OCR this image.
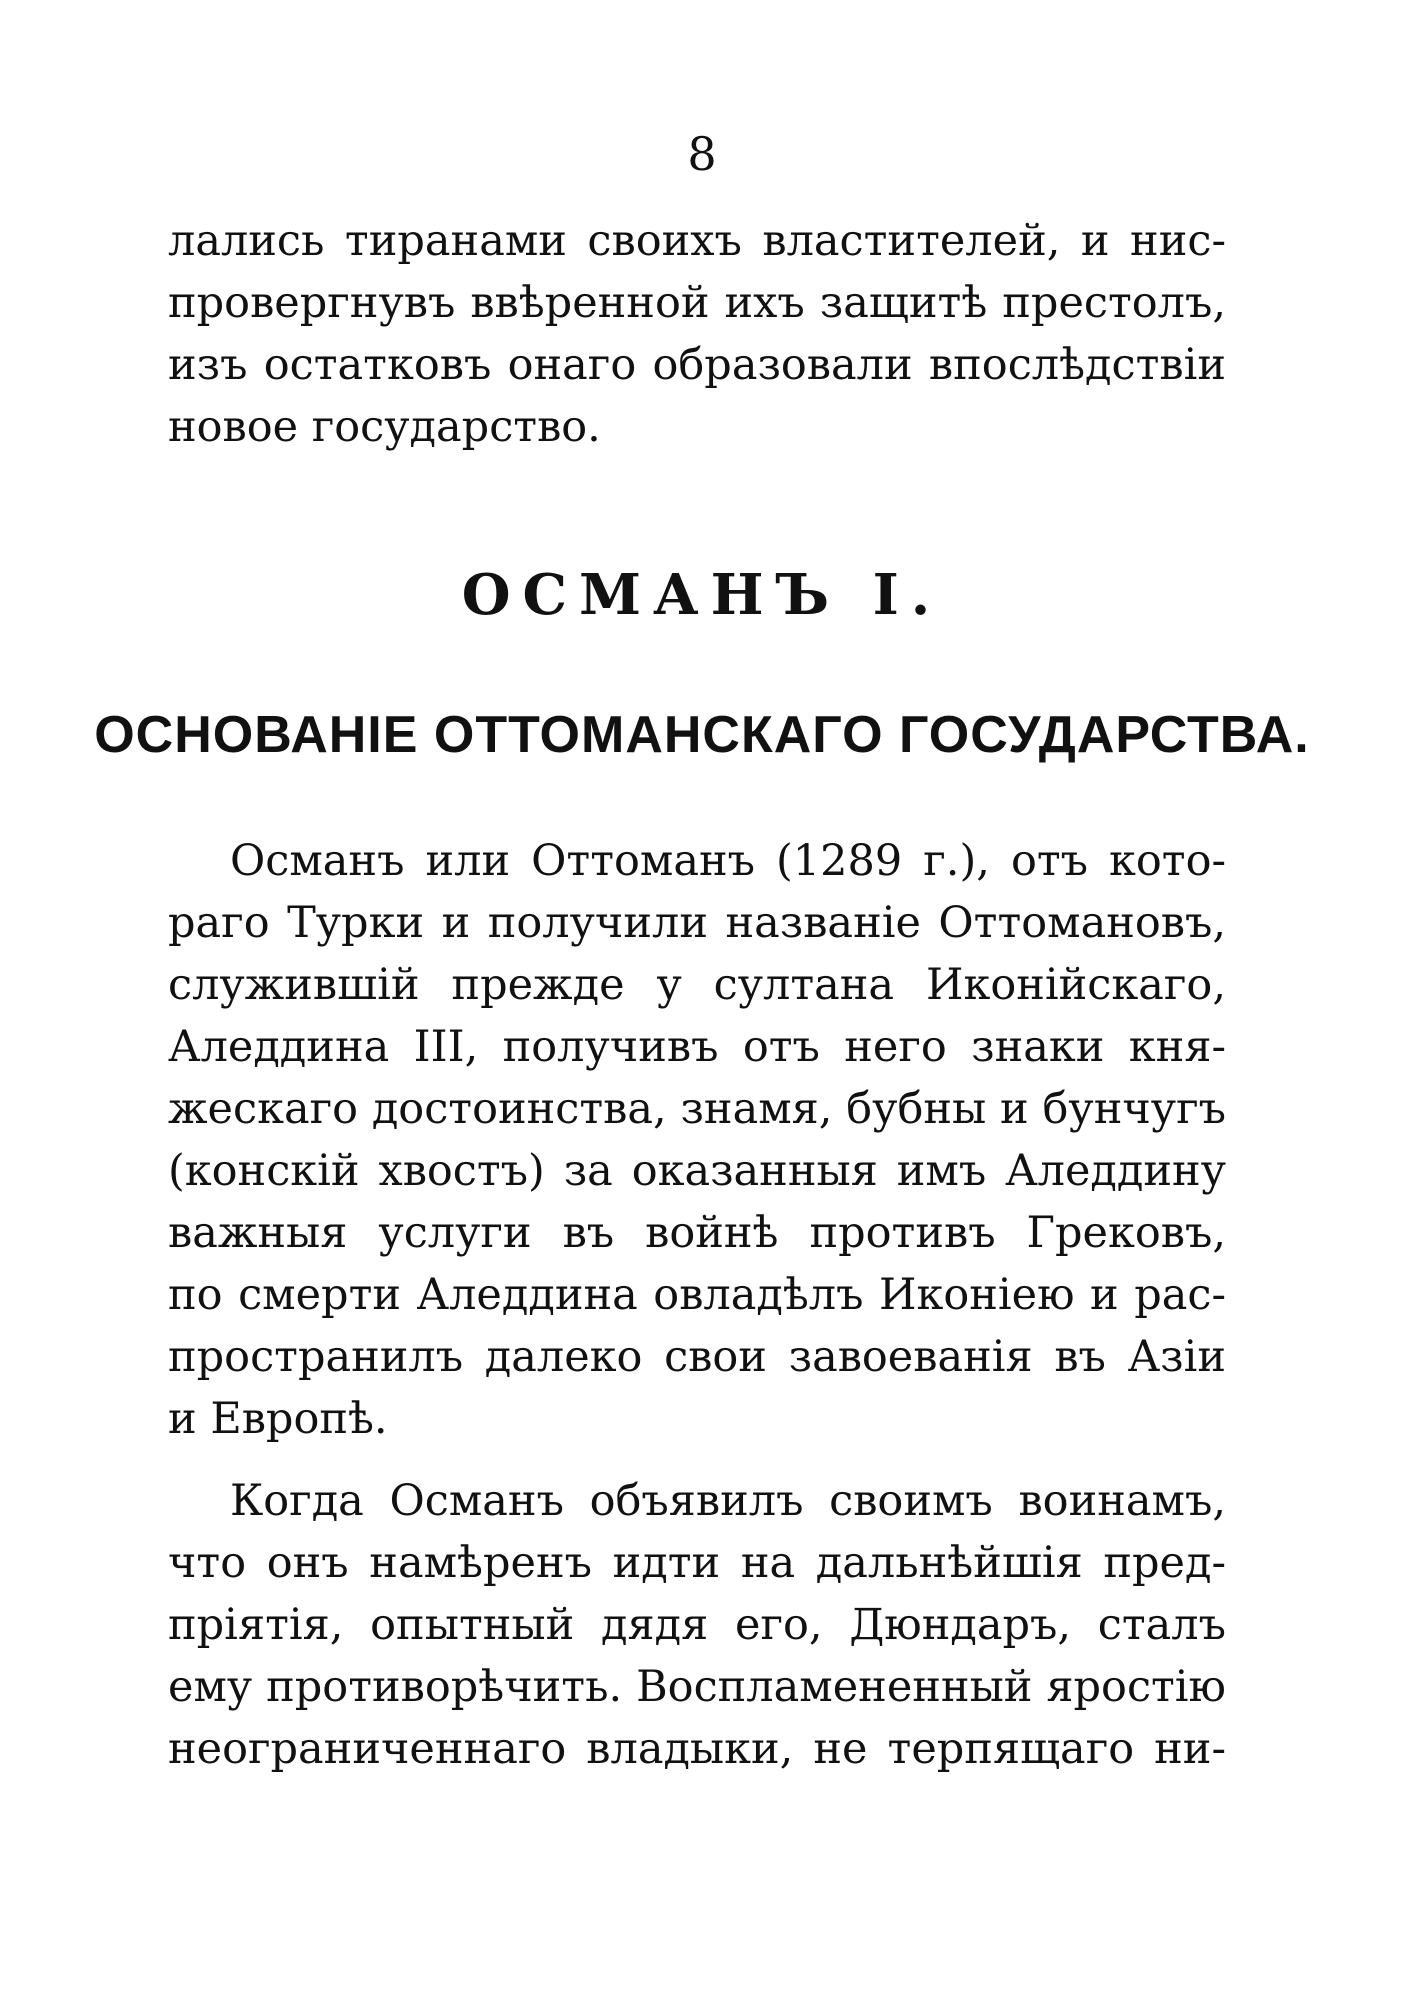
8
лались тиранами своихъ властителей, и нис-
провергнувъ ввѣренной ихъ защитѣ престолъ,
изъ остатковъ онаго образовали впослѣдствіи
новое государство.
ОСМАНЪ I.
ОСНОВАНІЕ ОТТОМАНСКАГО ГОСУДАРСТВА.
Османъ или Оттоманъ (1289 г.), отъ кото-
раго Турки и получили названіе Оттомановъ,
служившій прежде у султана Иконійскаго,
Аледдина III, получивъ отъ него знаки кня-
жескаго достоинства, знамя, бубны и бунчугъ
(конскій хвостъ) за оказанныя имъ Аледдину
важныя услуги въ войнѣ противъ Грековъ,
по смерти Аледдина овладѣлъ Иконіею и рас-
пространилъ далеко свои завоеванія въ Азіи
и Европѣ.
Когда Османъ объявилъ своимъ воинамъ,
что онъ намѣренъ идти на дальнѣйшія пред-
пріятія, опытный дядя его, Дюндаръ, сталъ
ему противорѣчить. Воспламененный яростію
неограниченнаго владыки, не терпящаго ни-
